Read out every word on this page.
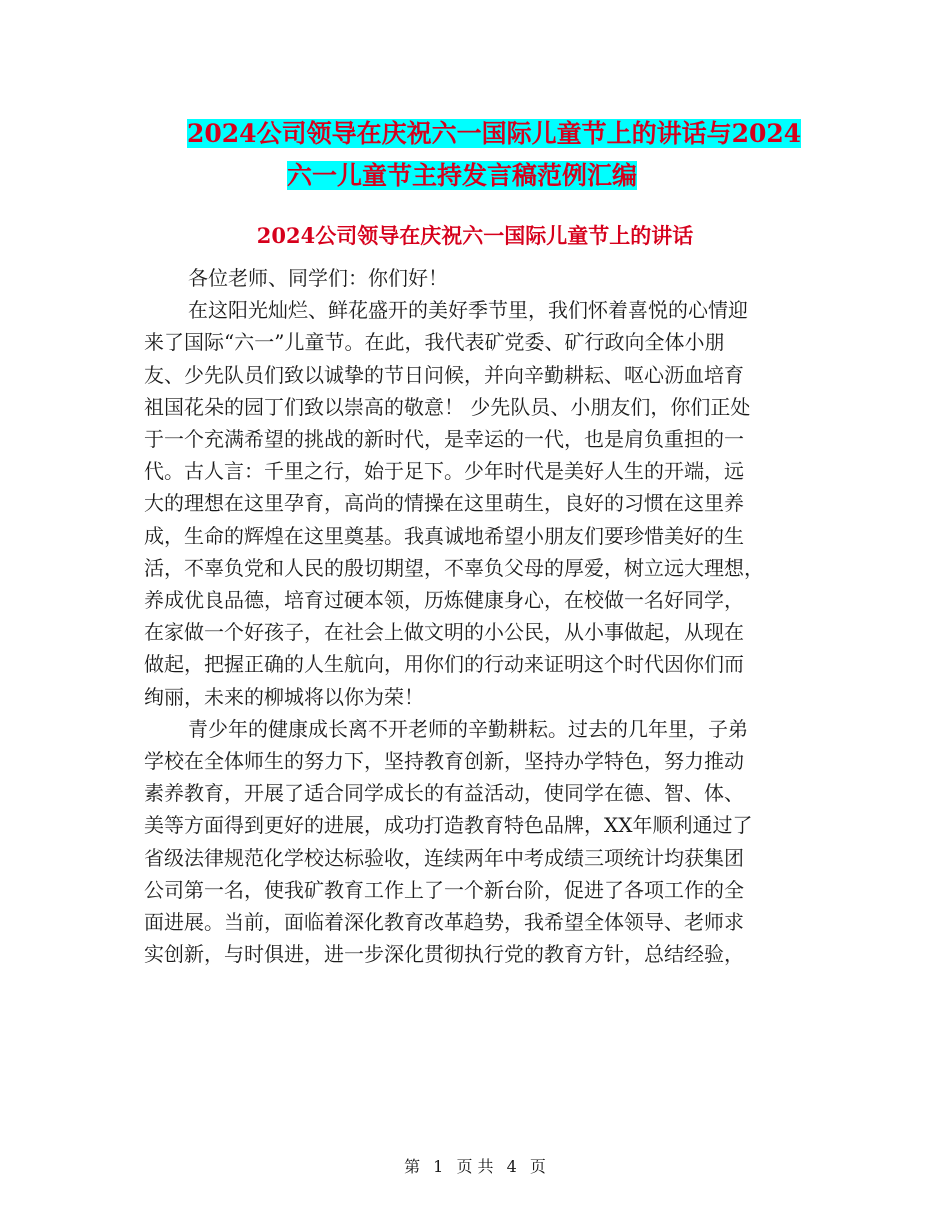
2024公司领导在庆祝六一国际儿童节上的讲话与2024
六一儿童节主持发言稿范例汇编
2024公司领导在庆祝六一国际儿童节上的讲话
各位老师、同学们：你们好！
在这阳光灿烂、鲜花盛开的美好季节里，我们怀着喜悦的心情迎
来了国际“六一”儿童节。在此，我代表矿党委、矿行政向全体小朋
友、少先队员们致以诚挚的节日问候，并向辛勤耕耘、呕心沥血培育
祖国花朵的园丁们致以崇高的敬意！ 少先队员、小朋友们，你们正处
于一个充满希望的挑战的新时代，是幸运的一代，也是肩负重担的一
代。古人言：千里之行，始于足下。少年时代是美好人生的开端，远
大的理想在这里孕育，高尚的情操在这里萌生，良好的习惯在这里养
成，生命的辉煌在这里奠基。我真诚地希望小朋友们要珍惜美好的生
活，不辜负党和人民的殷切期望，不辜负父母的厚爱，树立远大理想，
养成优良品德，培育过硬本领，历炼健康身心，在校做一名好同学，
在家做一个好孩子，在社会上做文明的小公民，从小事做起，从现在
做起，把握正确的人生航向，用你们的行动来证明这个时代因你们而
绚丽，未来的柳城将以你为荣！
青少年的健康成长离不开老师的辛勤耕耘。过去的几年里，子弟
学校在全体师生的努力下，坚持教育创新，坚持办学特色，努力推动
素养教育，开展了适合同学成长的有益活动，使同学在德、智、体、
美等方面得到更好的进展，成功打造教育特色品牌，XX年顺利通过了
省级法律规范化学校达标验收，连续两年中考成绩三项统计均获集团
公司第一名，使我矿教育工作上了一个新台阶，促进了各项工作的全
面进展。当前，面临着深化教育改革趋势，我希望全体领导、老师求
实创新，与时俱进，进一步深化贯彻执行党的教育方针，总结经验，
第 1 页 共 4 页
